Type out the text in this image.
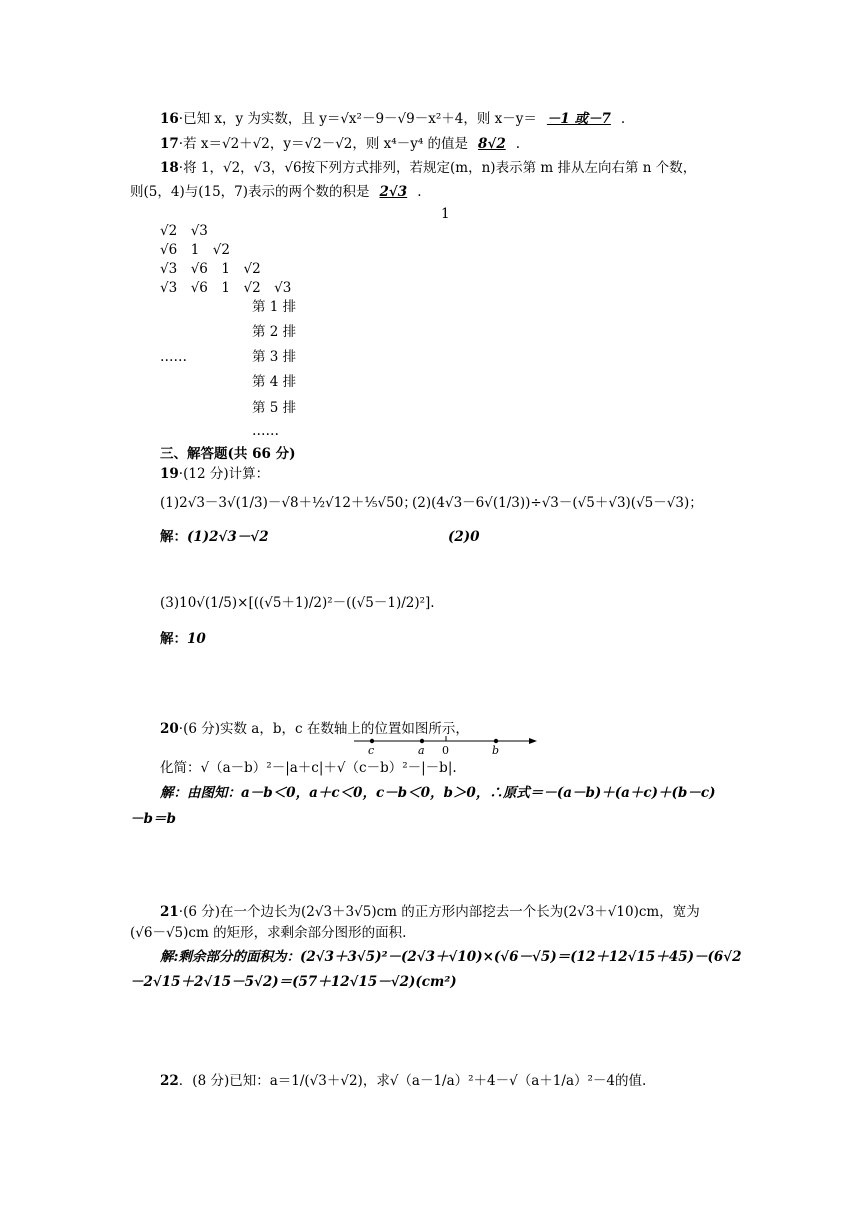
16·已知 x，y 为实数，且 y＝√x²－9－√9－x²＋4，则 x－y＝ －1 或－7 .
17·若 x＝√2＋√2，y＝√2－√2，则 x⁴－y⁴ 的值是 8√2 .
18·将 1，√2，√3，√6按下列方式排列，若规定(m，n)表示第 m 排从左向右第 n 个数，
则(5，4)与(15，7)表示的两个数的积是 2√3 .
1
√2　√3
√6　1　√2
√3　√6　1　√2
√3　√6　1　√2　√3
……
第 1 排
第 2 排
第 3 排
第 4 排
第 5 排
……
三、解答题(共 66 分)
19·(12 分)计算：
(1)2√3－3√(1/3)－√8＋½√12＋⅕√50；
(2)(4√3－6√(1/3))÷√3－(√5＋√3)(√5－√3)；
解：(1)2√3－√2	(2)0
(3)10√(1/5)×[((√5＋1)/2)²－((√5－1)/2)²].
解：10
20·(6 分)实数 a，b，c 在数轴上的位置如图所示，
c	a 0	b
化简：√（a－b）²－|a＋c|＋√（c－b）²－|－b|.
解：由图知：a－b＜0，a＋c＜0，c－b＜0，b＞0，∴原式＝－(a－b)＋(a＋c)＋(b－c)
－b＝b
21·(6 分)在一个边长为(2√3＋3√5)cm 的正方形内部挖去一个长为(2√3＋√10)cm，宽为
(√6－√5)cm 的矩形，求剩余部分图形的面积.
解:剩余部分的面积为：(2√3＋3√5)²－(2√3＋√10)×(√6－√5)＝(12＋12√15＋45)－(6√2
－2√15＋2√15－5√2)＝(57＋12√15－√2)(cm²)
22．(8 分)已知：a＝1/(√3＋√2)，求√（a－1/a）²＋4－√（a＋1/a）²－4的值.
